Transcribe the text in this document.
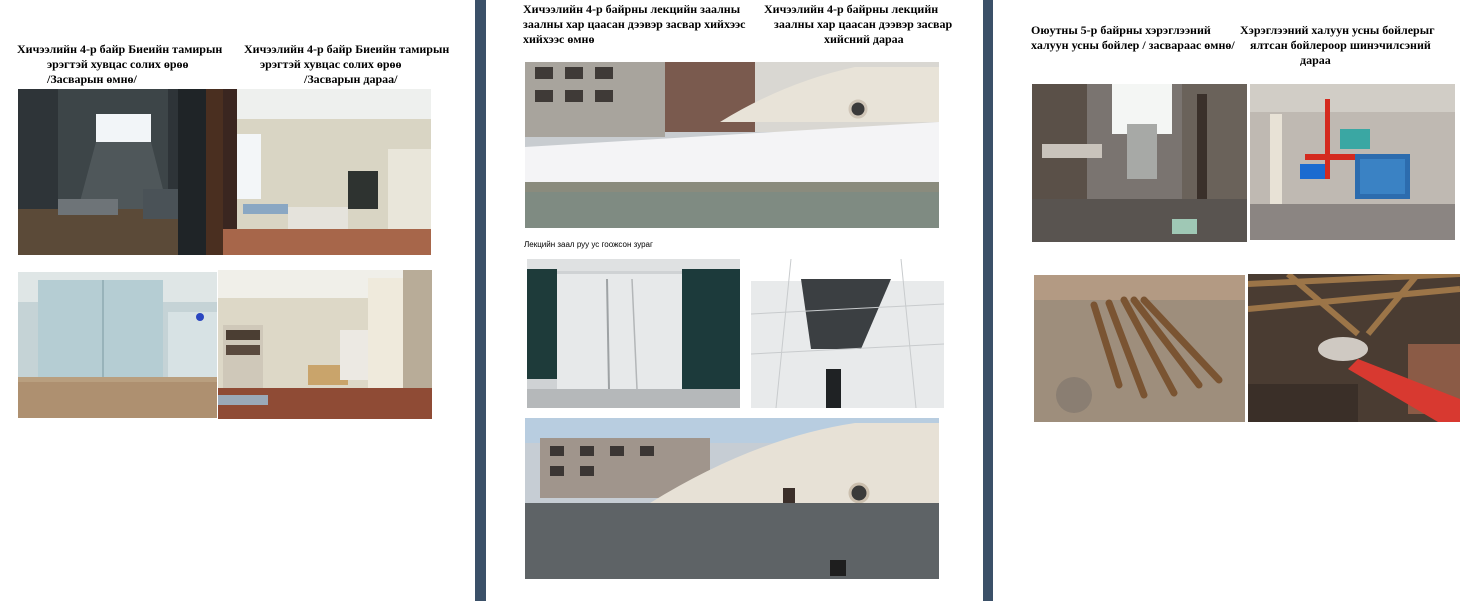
Хичээлийн 4-р байр Биеийн тамирын
эрэгтэй хувцас солих өрөө
/Засварын өмнө/
Хичээлийн 4-р байр Биеийн тамирын
эрэгтэй хувцас солих өрөө
/Засварын дараа/
Хичээлийн 4-р байрны лекцийн заалны
заалны хар цаасан дээвэр засвар хийхээс
хийхээс өмнө
Хичээлийн 4-р байрны лекцийн
заалны хар цаасан дээвэр засвар
хийсний дараа
Лекцийн заал руу ус гоожсон зураг
Оюутны 5-р байрны хэрэглээний
халуун усны бойлер / засвараас өмнө/
Хэрэглээний халуун усны бойлерыг
ялтсан бойлероор шинэчилсэний
дараа
